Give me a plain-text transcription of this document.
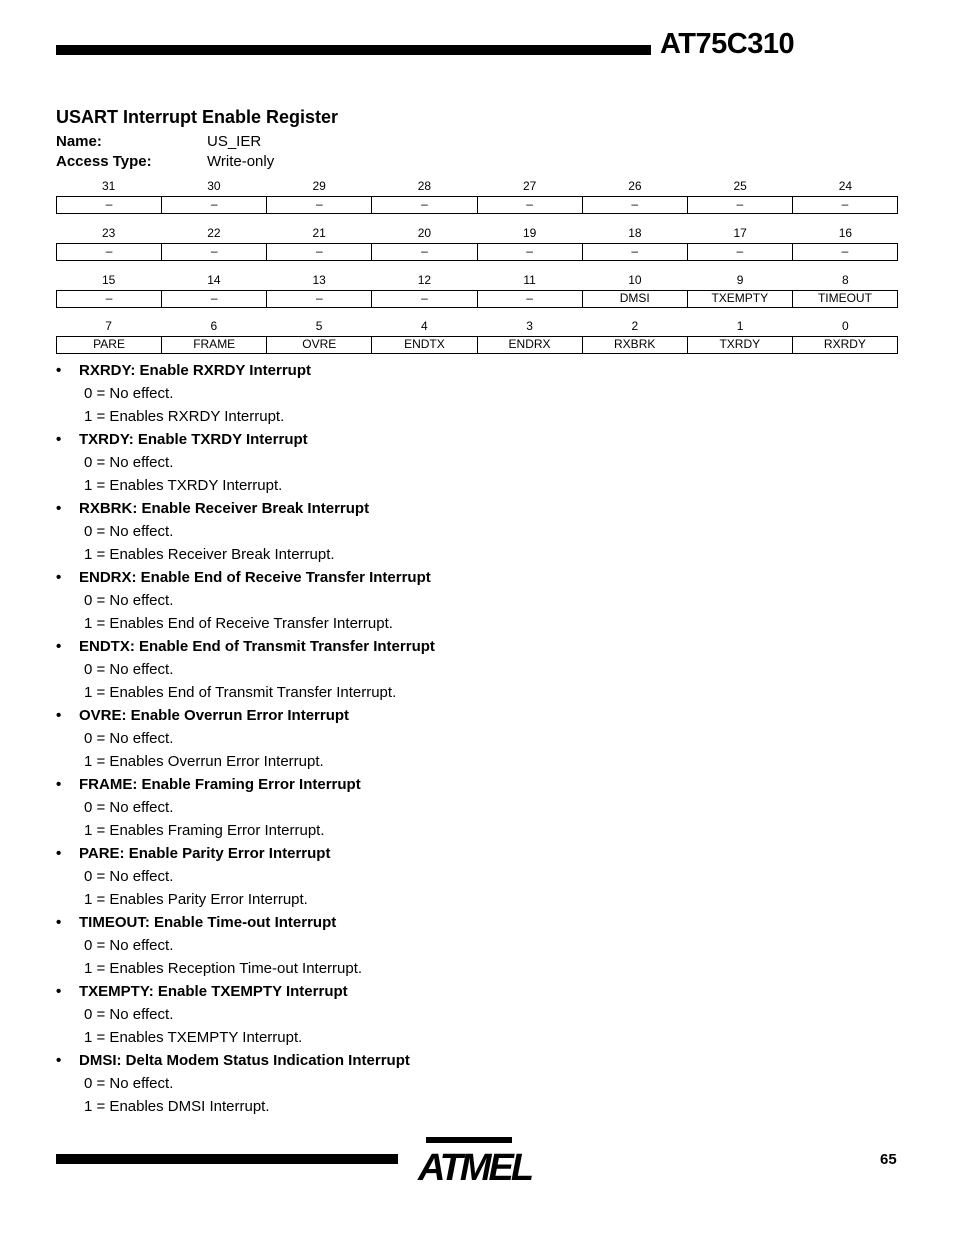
AT75C310
USART Interrupt Enable Register
Name:	US_IER
Access Type:	Write-only
31	30	29	28	27	26	25	24
–	–	–	–	–	–	–	–
23	22	21	20	19	18	17	16
–	–	–	–	–	–	–	–
15	14	13	12	11	10	9	8
–	–	–	–	–	DMSI	TXEMPTY	TIMEOUT
7	6	5	4	3	2	1	0
PARE	FRAME	OVRE	ENDTX	ENDRX	RXBRK	TXRDY	RXRDY
• RXRDY: Enable RXRDY Interrupt
0 = No effect.
1 = Enables RXRDY Interrupt.
• TXRDY: Enable TXRDY Interrupt
0 = No effect.
1 = Enables TXRDY Interrupt.
• RXBRK: Enable Receiver Break Interrupt
0 = No effect.
1 = Enables Receiver Break Interrupt.
• ENDRX: Enable End of Receive Transfer Interrupt
0 = No effect.
1 = Enables End of Receive Transfer Interrupt.
• ENDTX: Enable End of Transmit Transfer Interrupt
0 = No effect.
1 = Enables End of Transmit Transfer Interrupt.
• OVRE: Enable Overrun Error Interrupt
0 = No effect.
1 = Enables Overrun Error Interrupt.
• FRAME: Enable Framing Error Interrupt
0 = No effect.
1 = Enables Framing Error Interrupt.
• PARE: Enable Parity Error Interrupt
0 = No effect.
1 = Enables Parity Error Interrupt.
• TIMEOUT: Enable Time-out Interrupt
0 = No effect.
1 = Enables Reception Time-out Interrupt.
• TXEMPTY: Enable TXEMPTY Interrupt
0 = No effect.
1 = Enables TXEMPTY Interrupt.
• DMSI: Delta Modem Status Indication Interrupt
0 = No effect.
1 = Enables DMSI Interrupt.
ATMEL	65
